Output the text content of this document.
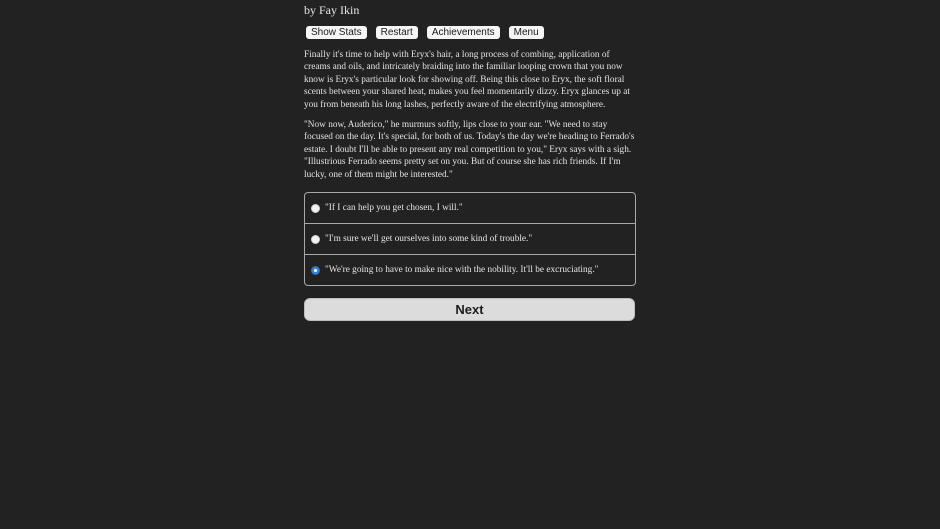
by Fay Ikin
Show Stats	Restart	Achievements	Menu

Finally it's time to help with Eryx's hair, a long process of combing, application of creams and oils, and intricately braiding into the familiar looping crown that you now know is Eryx's particular look for showing off. Being this close to Eryx, the soft floral scents between your shared heat, makes you feel momentarily dizzy. Eryx glances up at you from beneath his long lashes, perfectly aware of the electrifying atmosphere.

"Now now, Auderico," he murmurs softly, lips close to your ear. "We need to stay focused on the day. It's special, for both of us. Today's the day we're heading to Ferrado's estate. I doubt I'll be able to present any real competition to you," Eryx says with a sigh. "Illustrious Ferrado seems pretty set on you. But of course she has rich friends. If I'm lucky, one of them might be interested."

"If I can help you get chosen, I will."
"I'm sure we'll get ourselves into some kind of trouble."
"We're going to have to make nice with the nobility. It'll be excruciating."
Next
